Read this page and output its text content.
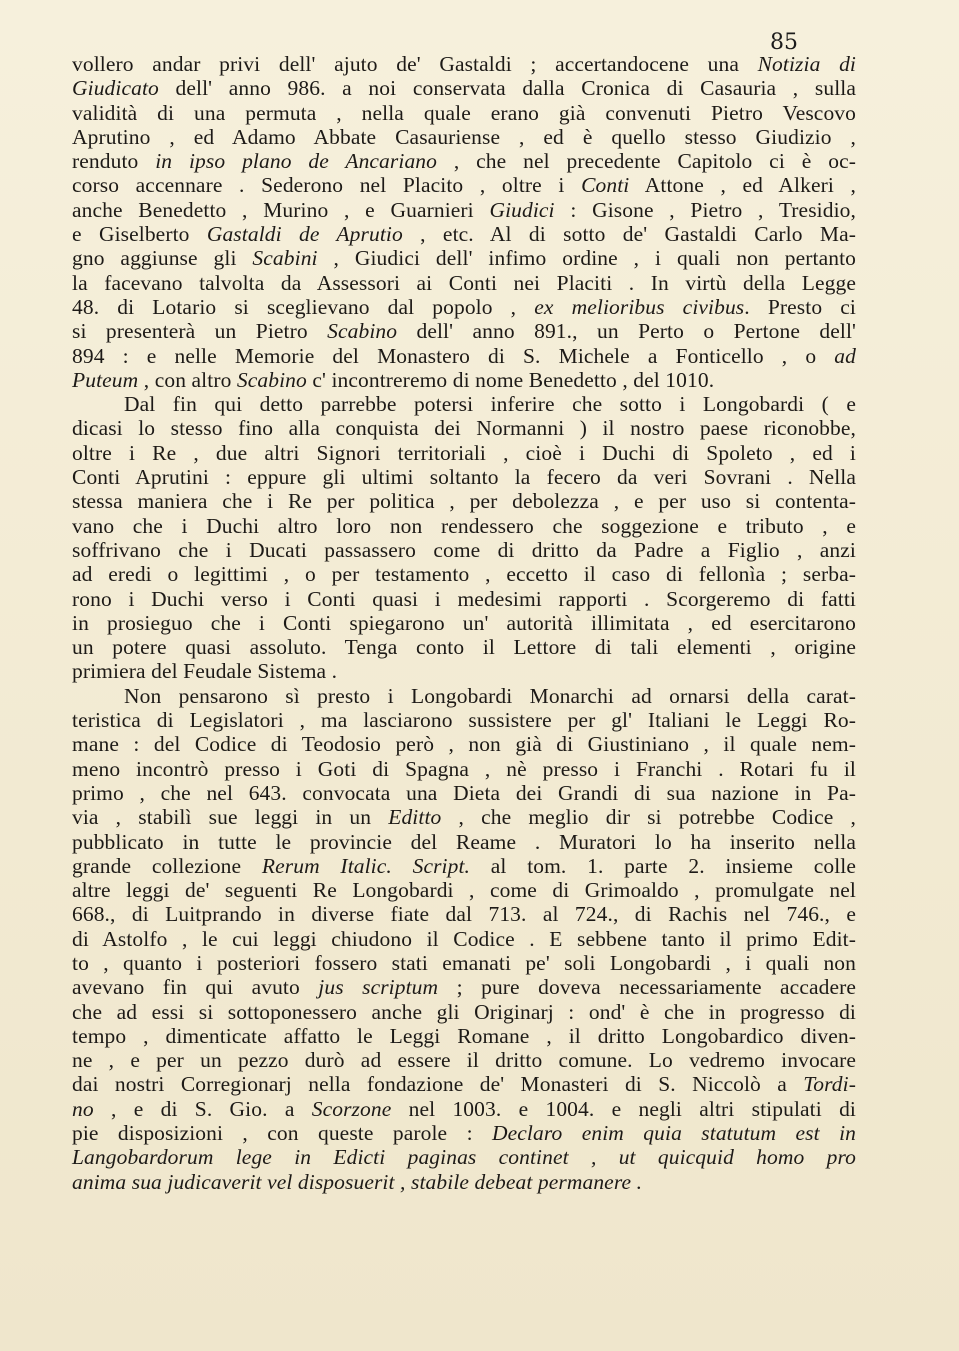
85
vollero andar privi dell' ajuto de' Gastaldi ; accertandocene una Notizia di
Giudicato dell' anno 986. a noi conservata dalla Cronica di Casauria , sulla
validità di una permuta , nella quale erano già convenuti Pietro Vescovo
Aprutino , ed Adamo Abbate Casauriense , ed è quello stesso Giudizio ,
renduto in ipso plano de Ancariano , che nel precedente Capitolo ci è oc-
corso accennare . Sederono nel Placito , oltre i Conti Attone , ed Alkeri ,
anche Benedetto , Murino , e Guarnieri Giudici : Gisone , Pietro , Tresidio,
e Giselberto Gastaldi de Aprutio , etc. Al di sotto de' Gastaldi Carlo Ma-
gno aggiunse gli Scabini , Giudici dell' infimo ordine , i quali non pertanto
la facevano talvolta da Assessori ai Conti nei Placiti . In virtù della Legge
48. di Lotario si sceglievano dal popolo , ex melioribus civibus. Presto ci
si presenterà un Pietro Scabino dell' anno 891., un Perto o Pertone dell'
894 : e nelle Memorie del Monastero di S. Michele a Fonticello , o ad
Puteum , con altro Scabino c' incontreremo di nome Benedetto , del 1010.
Dal fin qui detto parrebbe potersi inferire che sotto i Longobardi ( e
dicasi lo stesso fino alla conquista dei Normanni ) il nostro paese riconobbe,
oltre i Re , due altri Signori territoriali , cioè i Duchi di Spoleto , ed i
Conti Aprutini : eppure gli ultimi soltanto la fecero da veri Sovrani . Nella
stessa maniera che i Re per politica , per debolezza , e per uso si contenta-
vano che i Duchi altro loro non rendessero che soggezione e tributo , e
soffrivano che i Ducati passassero come di dritto da Padre a Figlio , anzi
ad eredi o legittimi , o per testamento , eccetto il caso di fellonìa ; serba-
rono i Duchi verso i Conti quasi i medesimi rapporti . Scorgeremo di fatti
in prosieguo che i Conti spiegarono un' autorità illimitata , ed esercitarono
un potere quasi assoluto. Tenga conto il Lettore di tali elementi , origine
primiera del Feudale Sistema .
Non pensarono sì presto i Longobardi Monarchi ad ornarsi della carat-
teristica di Legislatori , ma lasciarono sussistere per gl' Italiani le Leggi Ro-
mane : del Codice di Teodosio però , non già di Giustiniano , il quale nem-
meno incontrò presso i Goti di Spagna , nè presso i Franchi . Rotari fu il
primo , che nel 643. convocata una Dieta dei Grandi di sua nazione in Pa-
via , stabilì sue leggi in un Editto , che meglio dir si potrebbe Codice ,
pubblicato in tutte le provincie del Reame . Muratori lo ha inserito nella
grande collezione Rerum Italic. Script. al tom. 1. parte 2. insieme colle
altre leggi de' seguenti Re Longobardi , come di Grimoaldo , promulgate nel
668., di Luitprando in diverse fiate dal 713. al 724., di Rachis nel 746., e
di Astolfo , le cui leggi chiudono il Codice . E sebbene tanto il primo Edit-
to , quanto i posteriori fossero stati emanati pe' soli Longobardi , i quali non
avevano fin qui avuto jus scriptum ; pure doveva necessariamente accadere
che ad essi si sottoponessero anche gli Originarj : ond' è che in progresso di
tempo , dimenticate affatto le Leggi Romane , il dritto Longobardico diven-
ne , e per un pezzo durò ad essere il dritto comune. Lo vedremo invocare
dai nostri Corregionarj nella fondazione de' Monasteri di S. Niccolò a Tordi-
no , e di S. Gio. a Scorzone nel 1003. e 1004. e negli altri stipulati di
pie disposizioni , con queste parole : Declaro enim quia statutum est in
Langobardorum lege in Edicti paginas continet , ut quicquid homo pro
anima sua judicaverit vel disposuerit , stabile debeat permanere .
